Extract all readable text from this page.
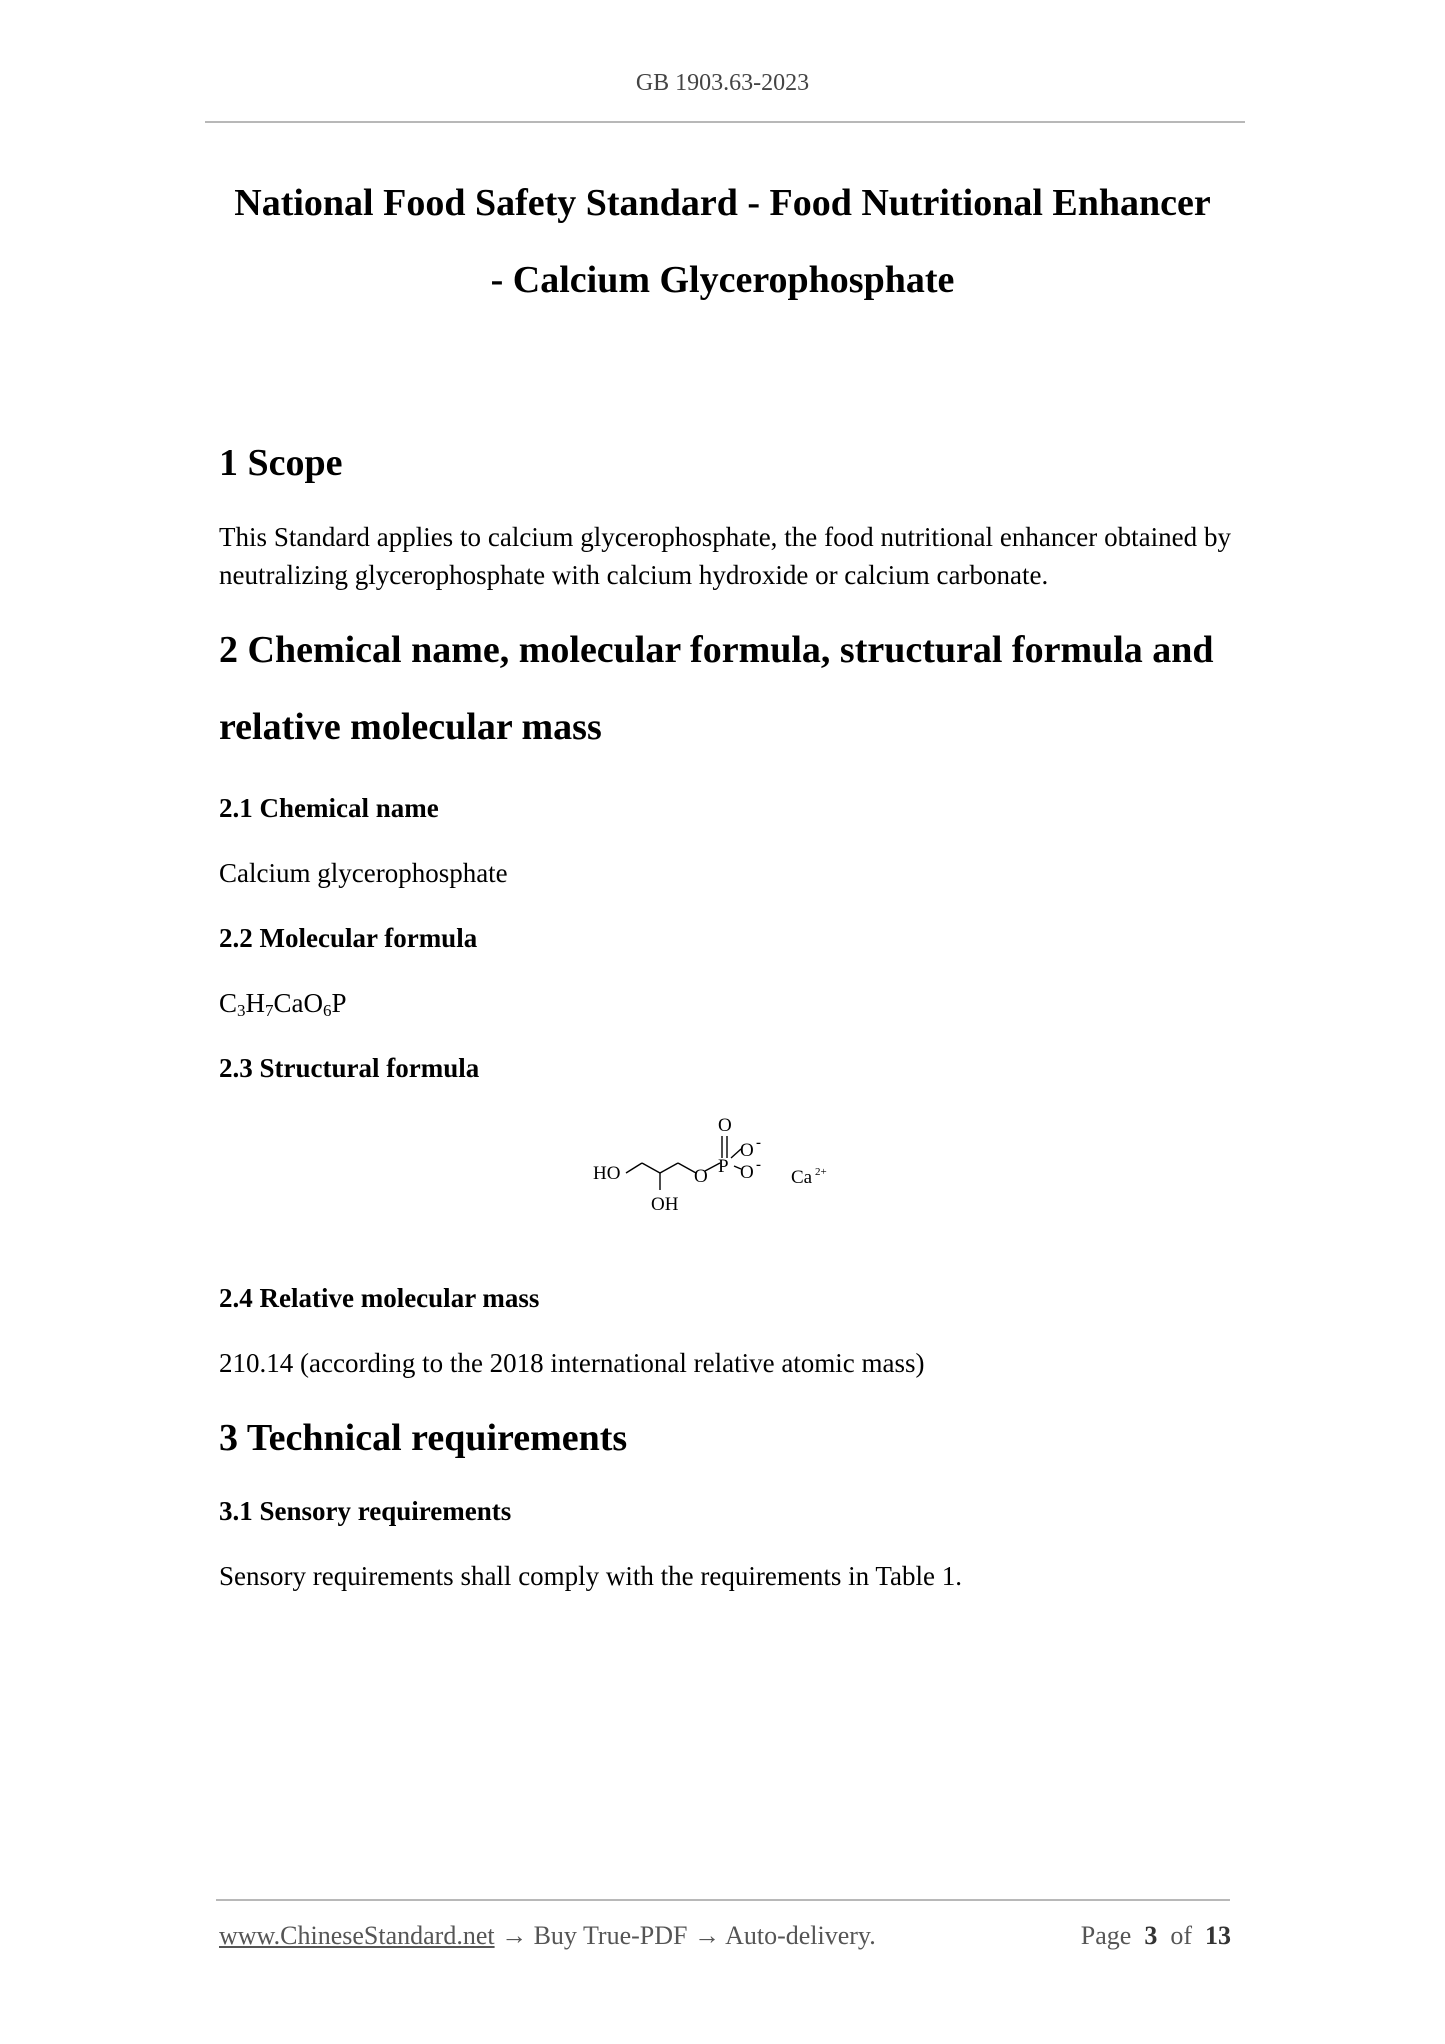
GB 1903.63-2023
National Food Safety Standard - Food Nutritional Enhancer
- Calcium Glycerophosphate
1 Scope

This Standard applies to calcium glycerophosphate, the food nutritional enhancer obtained by neutralizing glycerophosphate with calcium hydroxide or calcium carbonate.

2 Chemical name, molecular formula, structural formula and
relative molecular mass
2.1 Chemical name

Calcium glycerophosphate

2.2 Molecular formula

$C_3H_7CaO_6P$

2.3 Structural formula
HO
OH
O
O
P
O
O
-
-
Ca 2+
2.4 Relative molecular mass

210.14 (according to the 2018 international relative atomic mass)

3 Technical requirements
3.1 Sensory requirements

Sensory requirements shall comply with the requirements in Table 1.

www.ChineseStandard.net → Buy True-PDF → Auto-delivery.	Page 3 of 13
